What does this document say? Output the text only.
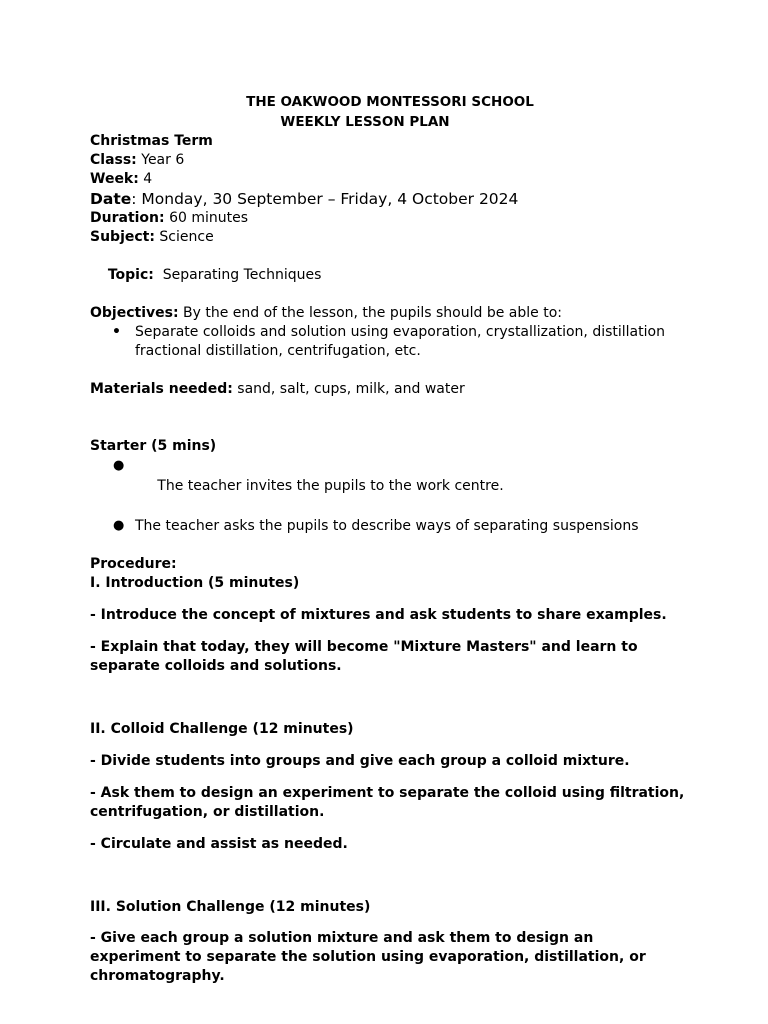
THE OAKWOOD MONTESSORI SCHOOL
WEEKLY LESSON PLAN
Christmas Term
Class: Year 6
Week: 4
Date: Monday, 30 September – Friday, 4 October 2024
Duration: 60 minutes
Subject: Science

Topic:  Separating Techniques

Objectives: By the end of the lesson, the pupils should be able to:
• Separate colloids and solution using evaporation, crystallization, distillation
fractional distillation, centrifugation, etc.
Materials needed: sand, salt, cups, milk, and water
Starter (5 mins)

●
The teacher invites the pupils to the work centre.

● The teacher asks the pupils to describe ways of separating suspensions
Procedure:
I. Introduction (5 minutes)
- Introduce the concept of mixtures and ask students to share examples.
- Explain that today, they will become "Mixture Masters" and learn to
separate colloids and solutions.
II. Colloid Challenge (12 minutes)
- Divide students into groups and give each group a colloid mixture.
- Ask them to design an experiment to separate the colloid using filtration,
centrifugation, or distillation.
- Circulate and assist as needed.
III. Solution Challenge (12 minutes)
- Give each group a solution mixture and ask them to design an
experiment to separate the solution using evaporation, distillation, or
chromatography.
